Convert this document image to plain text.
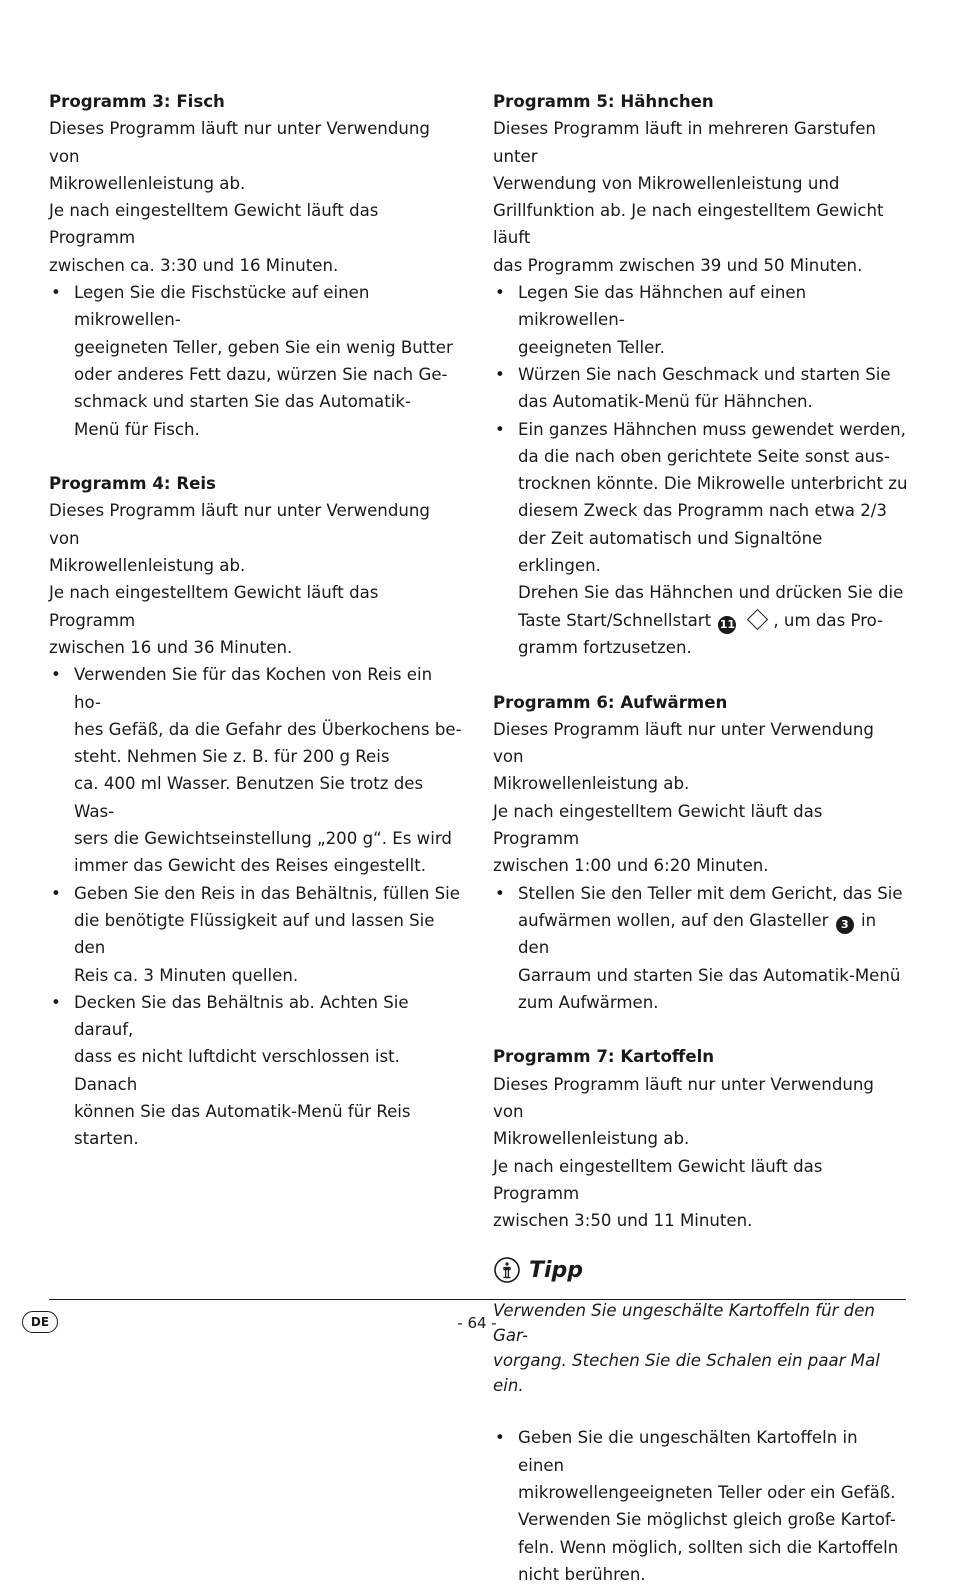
Programm 3: Fisch

Dieses Programm läuft nur unter Verwendung von
Mikrowellenleistung ab.

Je nach eingestelltem Gewicht läuft das Programm
zwischen ca. 3:30 und 16 Minuten.

• Legen Sie die Fischstücke auf einen mikrowellen-
geeigneten Teller, geben Sie ein wenig Butter
oder anderes Fett dazu, würzen Sie nach Ge-
schmack und starten Sie das Automatik-
Menü für Fisch.
Programm 4: Reis

Dieses Programm läuft nur unter Verwendung von
Mikrowellenleistung ab.

Je nach eingestelltem Gewicht läuft das Programm
zwischen 16 und 36 Minuten.

• Verwenden Sie für das Kochen von Reis ein ho-
hes Gefäß, da die Gefahr des Überkochens be-
steht. Nehmen Sie z. B. für 200 g Reis
ca. 400 ml Wasser. Benutzen Sie trotz des Was-
sers die Gewichtseinstellung „200 g“. Es wird
immer das Gewicht des Reises eingestellt.
• Geben Sie den Reis in das Behältnis, füllen Sie
die benötigte Flüssigkeit auf und lassen Sie den
Reis ca. 3 Minuten quellen.
• Decken Sie das Behältnis ab. Achten Sie darauf,
dass es nicht luftdicht verschlossen ist. Danach
können Sie das Automatik-Menü für Reis starten.
Programm 5: Hähnchen

Dieses Programm läuft in mehreren Garstufen unter
Verwendung von Mikrowellenleistung und
Grillfunktion ab. Je nach eingestelltem Gewicht läuft
das Programm zwischen 39 und 50 Minuten.

• Legen Sie das Hähnchen auf einen mikrowellen-
geeigneten Teller.
• Würzen Sie nach Geschmack und starten Sie
das Automatik-Menü für Hähnchen.
• Ein ganzes Hähnchen muss gewendet werden,
da die nach oben gerichtete Seite sonst aus-
trocknen könnte. Die Mikrowelle unterbricht zu
diesem Zweck das Programm nach etwa 2/3
der Zeit automatisch und Signaltöne erklingen.
Drehen Sie das Hähnchen und drücken Sie die
Taste Start/Schnellstart 11 , um das Pro-
gramm fortzusetzen.
Programm 6: Aufwärmen

Dieses Programm läuft nur unter Verwendung von
Mikrowellenleistung ab.

Je nach eingestelltem Gewicht läuft das Programm
zwischen 1:00 und 6:20 Minuten.

• Stellen Sie den Teller mit dem Gericht, das Sie
aufwärmen wollen, auf den Glasteller 3 in den
Garraum und starten Sie das Automatik-Menü
zum Aufwärmen.
Programm 7: Kartoffeln

Dieses Programm läuft nur unter Verwendung von
Mikrowellenleistung ab.

Je nach eingestelltem Gewicht läuft das Programm
zwischen 3:50 und 11 Minuten.

Tipp

Verwenden Sie ungeschälte Kartoffeln für den Gar-
vorgang. Stechen Sie die Schalen ein paar Mal ein.

• Geben Sie die ungeschälten Kartoffeln in einen
mikrowellengeeigneten Teller oder ein Gefäß.
Verwenden Sie möglichst gleich große Kartof-
feln. Wenn möglich, sollten sich die Kartoffeln
nicht berühren.
DE	- 64 -
